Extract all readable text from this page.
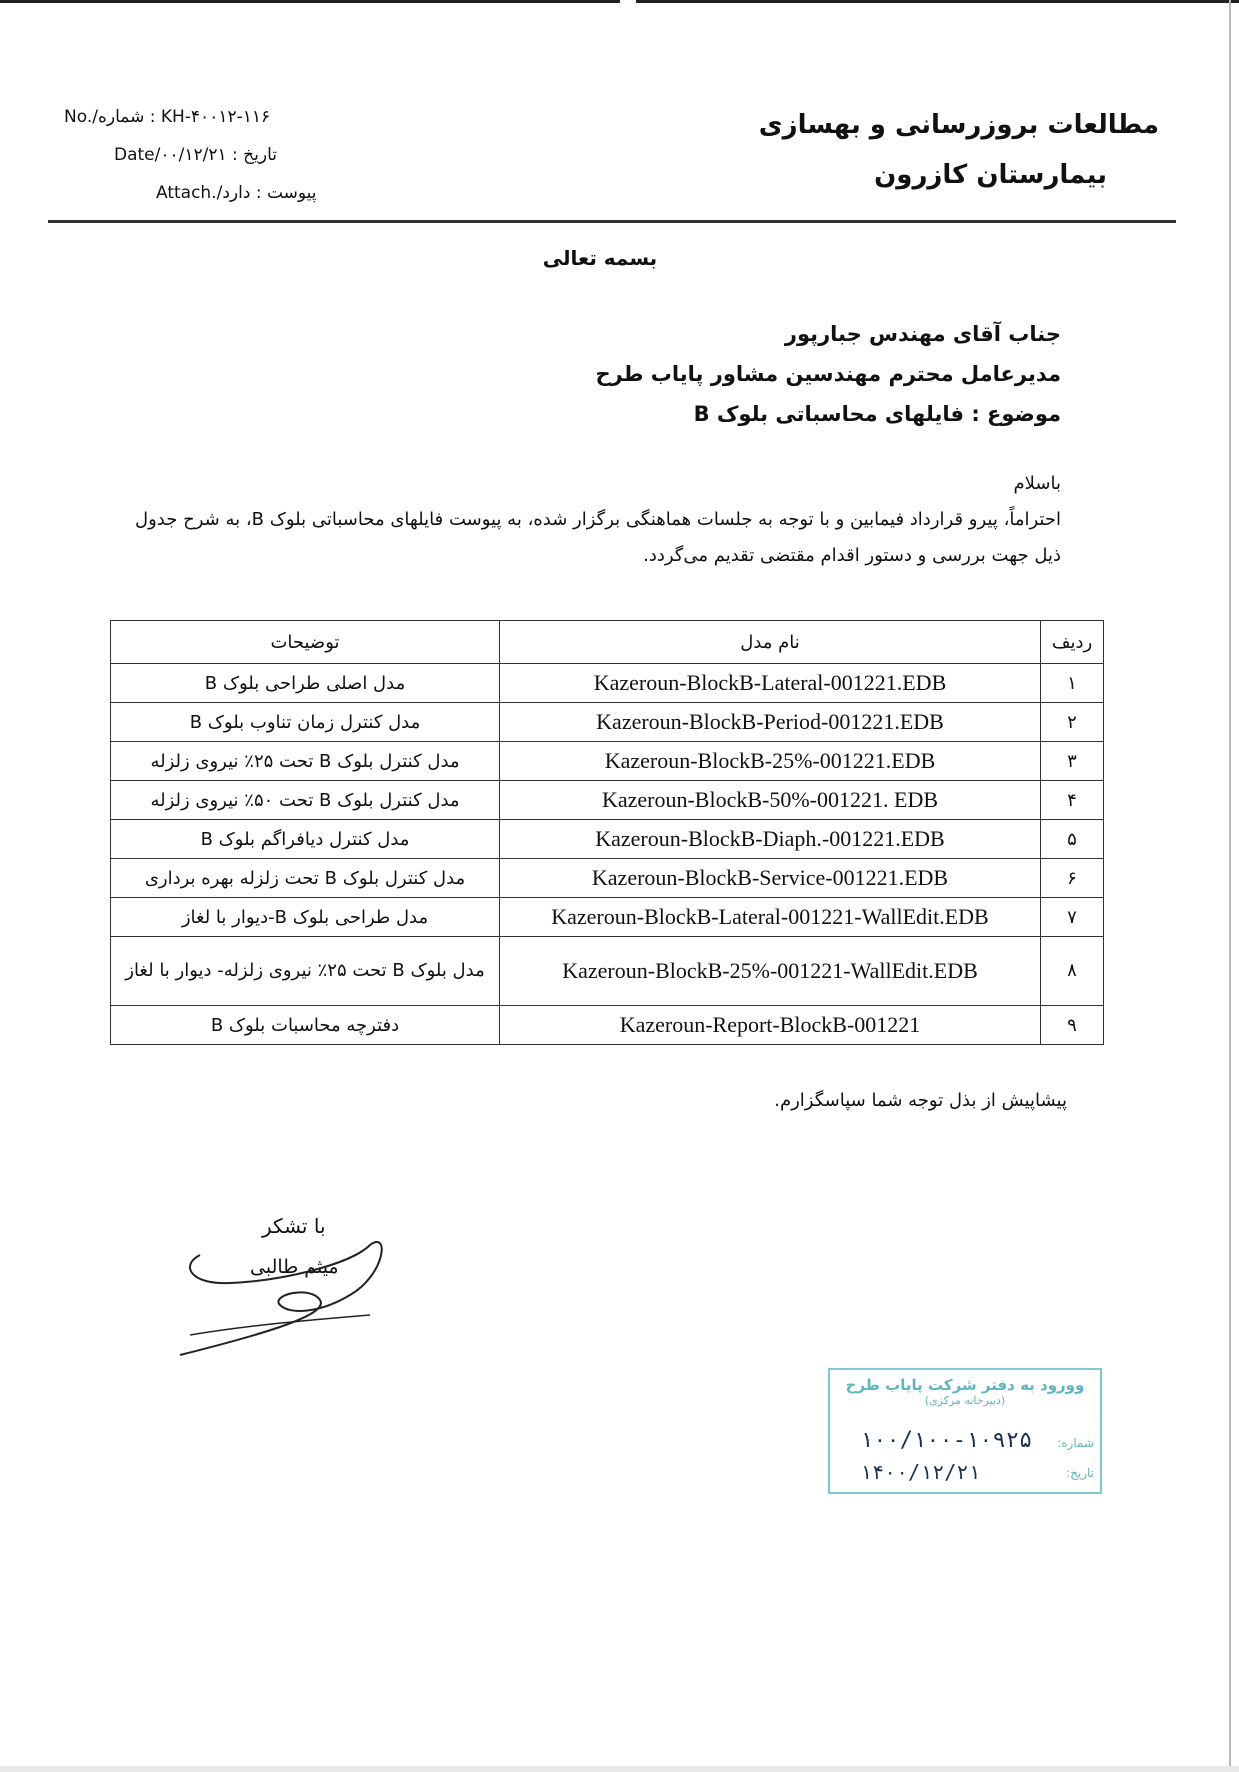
مطالعات بروزرسانی و بهسازی
بیمارستان کازرون
No./شماره : KH-۴۰۰۱۲-۱۱۶
Date/تاریخ : ۰۰/۱۲/۲۱
Attach./پیوست : دارد
بسمه تعالی
جناب آقای مهندس جبارپور
مدیرعامل محترم مهندسین مشاور پایاب طرح
موضوع : فایلهای محاسباتی بلوک B
باسلام
احتراماً، پیرو قرارداد فیمابین و با توجه به جلسات هماهنگی برگزار شده، به پیوست فایلهای محاسباتی بلوک B، به شرح جدول ذیل جهت بررسی و دستور اقدام مقتضی تقدیم می‌گردد.
ردیف	نام مدل	توضیحات
۱	Kazeroun-BlockB-Lateral-001221.EDB	مدل اصلی طراحی بلوک B
۲	Kazeroun-BlockB-Period-001221.EDB	مدل کنترل زمان تناوب بلوک B
۳	Kazeroun-BlockB-25%-001221.EDB	مدل کنترل بلوک B تحت ۲۵٪ نیروی زلزله
۴	Kazeroun-BlockB-50%-001221. EDB	مدل کنترل بلوک B تحت ۵۰٪ نیروی زلزله
۵	Kazeroun-BlockB-Diaph.-001221.EDB	مدل کنترل دیافراگم بلوک B
۶	Kazeroun-BlockB-Service-001221.EDB	مدل کنترل بلوک B تحت زلزله بهره برداری
۷	Kazeroun-BlockB-Lateral-001221-WallEdit.EDB	مدل طراحی بلوک B-دیوار با لغاز
۸	Kazeroun-BlockB-25%-001221-WallEdit.EDB	مدل بلوک B تحت ۲۵٪ نیروی زلزله- دیوار با لغاز
۹	Kazeroun-Report-BlockB-001221	دفترچه محاسبات بلوک B
پیشاپیش از بذل توجه شما سپاسگزارم.
با تشکر
میثم طالبی
وورود به دفتر شرکت پایاب طرح
(دبیرخانه مرکزی)
شماره:
۱۰۰/۱۰۰-۱۰۹۲۵
تاریخ:
۱۴۰۰/۱۲/۲۱
